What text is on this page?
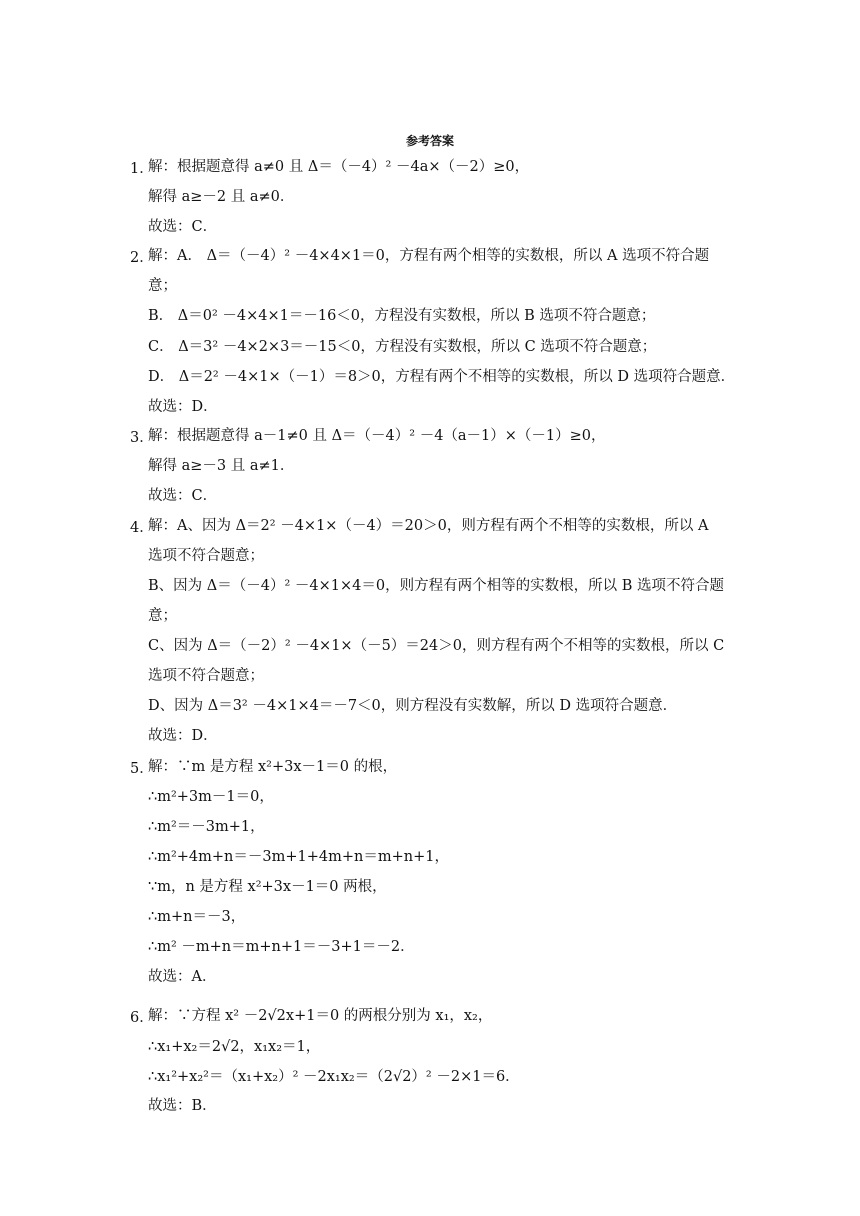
参考答案
1．
解：根据题意得 a≠0 且 Δ＝（－4）² －4a×（－2）≥0，
解得 a≥－2 且 a≠0．
故选：C．
2．
解：A． Δ＝（－4）² －4×4×1＝0，方程有两个相等的实数根，所以 A 选项不符合题
意；
B． Δ＝0² －4×4×1＝－16＜0，方程没有实数根，所以 B 选项不符合题意；
C． Δ＝3² －4×2×3＝－15＜0，方程没有实数根，所以 C 选项不符合题意；
D． Δ＝2² －4×1×（－1）＝8＞0，方程有两个不相等的实数根，所以 D 选项符合题意．
故选：D．
3．
解：根据题意得 a－1≠0 且 Δ＝（－4）² －4（a－1）×（－1）≥0，
解得 a≥－3 且 a≠1．
故选：C．
4．
解：A、因为 Δ＝2² －4×1×（－4）＝20＞0，则方程有两个不相等的实数根，所以 A
选项不符合题意；
B、因为 Δ＝（－4）² －4×1×4＝0，则方程有两个相等的实数根，所以 B 选项不符合题
意；
C、因为 Δ＝（－2）² －4×1×（－5）＝24＞0，则方程有两个不相等的实数根，所以 C
选项不符合题意；
D、因为 Δ＝3² －4×1×4＝－7＜0，则方程没有实数解，所以 D 选项符合题意．
故选：D．
5．
解：∵m 是方程 x²+3x－1＝0 的根，
∴m²+3m－1＝0，
∴m²＝－3m+1，
∴m²+4m+n＝－3m+1+4m+n＝m+n+1，
∵m，n 是方程 x²+3x－1＝0 两根，
∴m+n＝－3，
∴m² －m+n＝m+n+1＝－3+1＝－2．
故选：A．
6．
解：∵方程 x² －2√2x+1＝0 的两根分别为 x₁，x₂，
∴x₁+x₂＝2√2，x₁x₂＝1，
∴x₁²+x₂²＝（x₁+x₂）² －2x₁x₂＝（2√2）² －2×1＝6．
故选：B．
